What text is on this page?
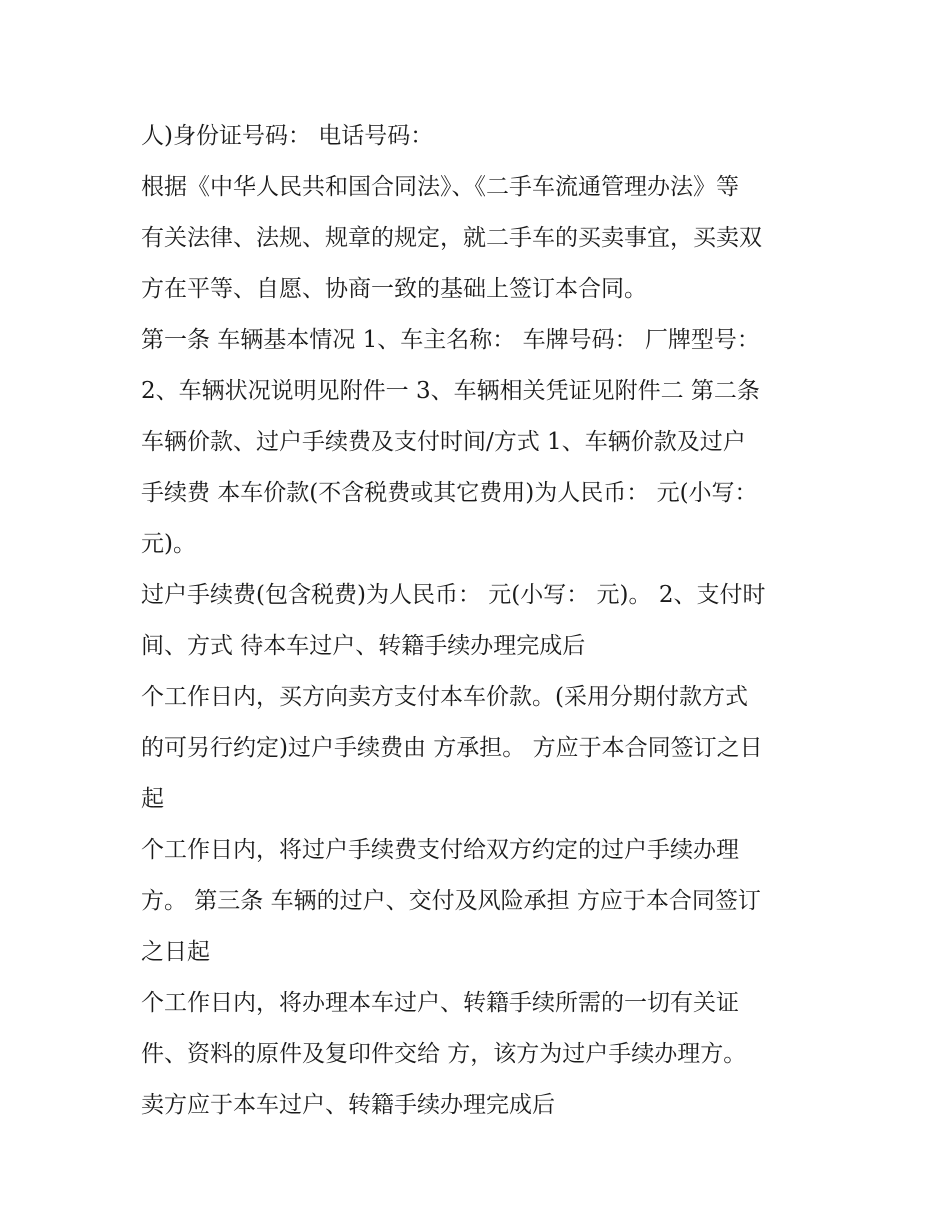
人)身份证号码： 电话号码：
根据《中华人民共和国合同法》、《二手车流通管理办法》等
有关法律、法规、规章的规定，就二手车的买卖事宜，买卖双
方在平等、自愿、协商一致的基础上签订本合同。
第一条 车辆基本情况 1、车主名称： 车牌号码： 厂牌型号：
2、车辆状况说明见附件一 3、车辆相关凭证见附件二 第二条
车辆价款、过户手续费及支付时间/方式 1、车辆价款及过户
手续费 本车价款(不含税费或其它费用)为人民币： 元(小写：
元)。
过户手续费(包含税费)为人民币： 元(小写： 元)。 2、支付时
间、方式 待本车过户、转籍手续办理完成后
个工作日内，买方向卖方支付本车价款。(采用分期付款方式
的可另行约定)过户手续费由 方承担。 方应于本合同签订之日
起
个工作日内，将过户手续费支付给双方约定的过户手续办理
方。 第三条 车辆的过户、交付及风险承担 方应于本合同签订
之日起
个工作日内，将办理本车过户、转籍手续所需的一切有关证
件、资料的原件及复印件交给 方，该方为过户手续办理方。
卖方应于本车过户、转籍手续办理完成后
